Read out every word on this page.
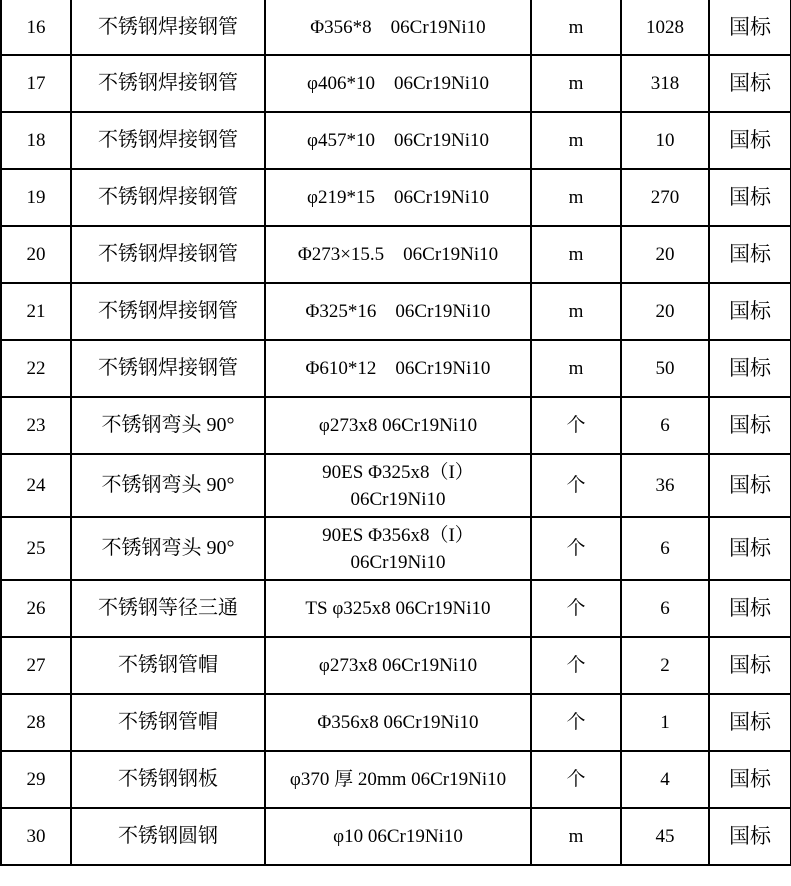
16	不锈钢焊接钢管	Φ356*8　06Cr19Ni10	m	1028	国标
17	不锈钢焊接钢管	φ406*10　06Cr19Ni10	m	318	国标
18	不锈钢焊接钢管	φ457*10　06Cr19Ni10	m	10	国标
19	不锈钢焊接钢管	φ219*15　06Cr19Ni10	m	270	国标
20	不锈钢焊接钢管	Φ273×15.5　06Cr19Ni10	m	20	国标
21	不锈钢焊接钢管	Φ325*16　06Cr19Ni10	m	20	国标
22	不锈钢焊接钢管	Φ610*12　06Cr19Ni10	m	50	国标
23	不锈钢弯头 90°	φ273x8 06Cr19Ni10	个	6	国标
24	不锈钢弯头 90°	90ES Φ325x8（I）
06Cr19Ni10	个	36	国标
25	不锈钢弯头 90°	90ES Φ356x8（I）
06Cr19Ni10	个	6	国标
26	不锈钢等径三通	TS φ325x8 06Cr19Ni10	个	6	国标
27	不锈钢管帽	φ273x8 06Cr19Ni10	个	2	国标
28	不锈钢管帽	Φ356x8 06Cr19Ni10	个	1	国标
29	不锈钢钢板	φ370 厚 20mm 06Cr19Ni10	个	4	国标
30	不锈钢圆钢	φ10 06Cr19Ni10	m	45	国标
